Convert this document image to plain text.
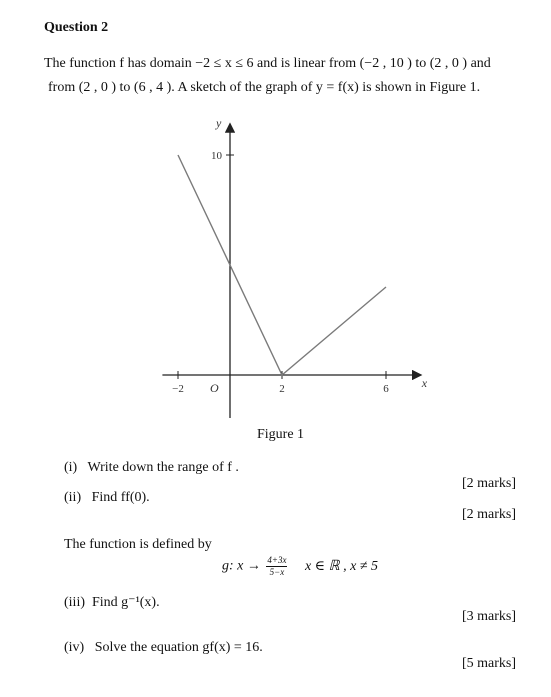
Question 2
The function f has domain −2 ≤ x ≤ 6 and is linear from (−2 , 10 ) to (2 , 0 ) and
from (2 , 0 ) to (6 , 4 ). A sketch of the graph of y = f(x) is shown in Figure 1.
−2	2	6
10
y
x
O
Figure 1
(i) Write down the range of f .
[2 marks]
(ii) Find ff(0).
[2 marks]
The function is defined by
g: $x \to \frac{4+3x}{5-x}$ x ∈ ℝ , x ≠ 5
(iii) Find g⁻¹(x).
[3 marks]
(iv) Solve the equation gf(x) = 16.
[5 marks]
